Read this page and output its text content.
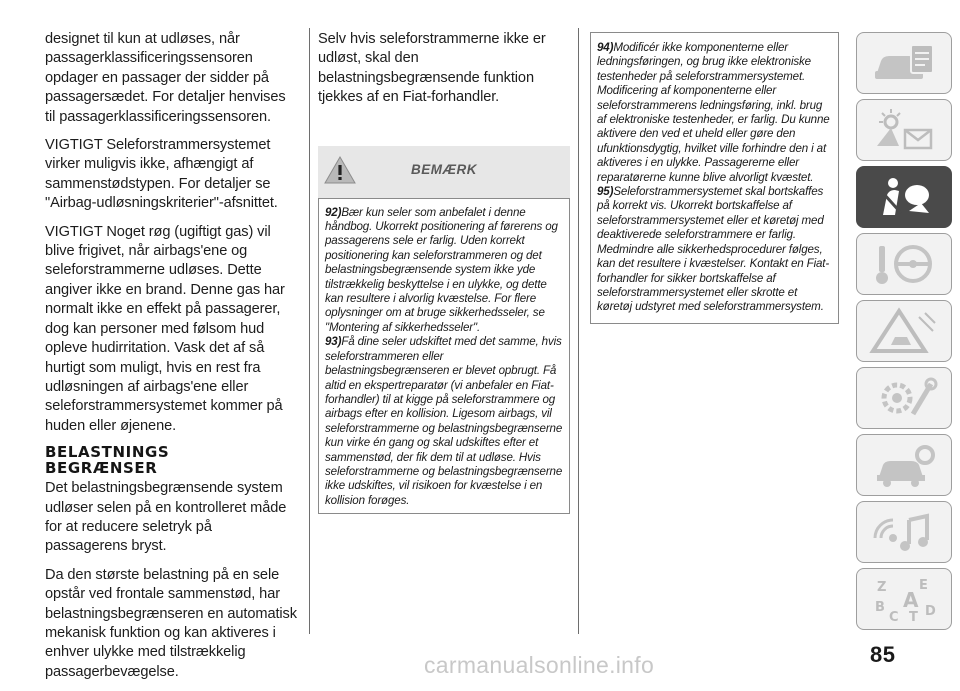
designet til kun at udløses, når passagerklassificeringssensoren opdager en passager der sidder på passagersædet. For detaljer henvises til passagerklassificeringssensoren.

VIGTIGT Seleforstrammersystemet virker muligvis ikke, afhængigt af sammenstødstypen. For detaljer se "Airbag-udløsningskriterier"-afsnittet.

VIGTIGT Noget røg (ugiftigt gas) vil blive frigivet, når airbags'ene og seleforstrammerne udløses. Dette angiver ikke en brand. Denne gas har normalt ikke en effekt på passagerer, dog kan personer med følsom hud opleve hudirritation. Vask det af så hurtigt som muligt, hvis en rest fra udløsningen af airbags'ene eller seleforstrammersystemet kommer på huden eller øjenene.

BELASTNINGS
BEGRÆNSER

Det belastningsbegrænsende system udløser selen på en kontrolleret måde for at reducere seletryk på passagerens bryst.

Da den største belastning på en sele opstår ved frontale sammenstød, har belastningsbegrænseren en automatisk mekanisk funktion og kan aktiveres i enhver ulykke med tilstrækkelig passagerbevægelse.

Selv hvis seleforstrammerne ikke er udløst, skal den belastningsbegrænsende funktion tjekkes af en Fiat-forhandler.

BEMÆRK

92)Bær kun seler som anbefalet i denne håndbog. Ukorrekt positionering af førerens og passagerens sele er farlig. Uden korrekt positionering kan seleforstrammeren og det belastningsbegrænsende system ikke yde tilstrækkelig beskyttelse i en ulykke, og dette kan resultere i alvorlig kvæstelse. For flere oplysninger om at bruge sikkerhedsseler, se "Montering af sikkerhedsseler".

93)Få dine seler udskiftet med det samme, hvis seleforstrammeren eller belastningsbegrænseren er blevet opbrugt. Få altid en ekspertreparatør (vi anbefaler en Fiat-forhandler) til at kigge på seleforstrammere og airbags efter en kollision. Ligesom airbags, vil seleforstrammerne og belastningsbegrænserne kun virke én gang og skal udskiftes efter et sammenstød, der fik dem til at udløse. Hvis seleforstrammerne og belastningsbegrænserne ikke udskiftes, vil risikoen for kvæstelse i en kollision forøges.

94)Modificér ikke komponenterne eller ledningsføringen, og brug ikke elektroniske testenheder på seleforstrammersystemet. Modificering af komponenterne eller seleforstrammerens ledningsføring, inkl. brug af elektroniske testenheder, er farlig. Du kunne aktivere den ved et uheld eller gøre den ufunktionsdygtig, hvilket ville forhindre den i at aktiveres i en ulykke. Passagererne eller reparatørerne kunne blive alvorligt kvæstet.

95)Seleforstrammersystemet skal bortskaffes på korrekt vis. Ukorrekt bortskaffelse af seleforstrammersystemet eller et køretøj med deaktiverede seleforstrammere er farlig. Medmindre alle sikkerhedsprocedurer følges, kan det resultere i kvæstelser. Kontakt en Fiat-forhandler for sikker bortskaffelse af seleforstrammersystemet eller skrotte et køretøj udstyret med seleforstrammersystem.

Z	E
B A
C T D
85
carmanualsonline.info
